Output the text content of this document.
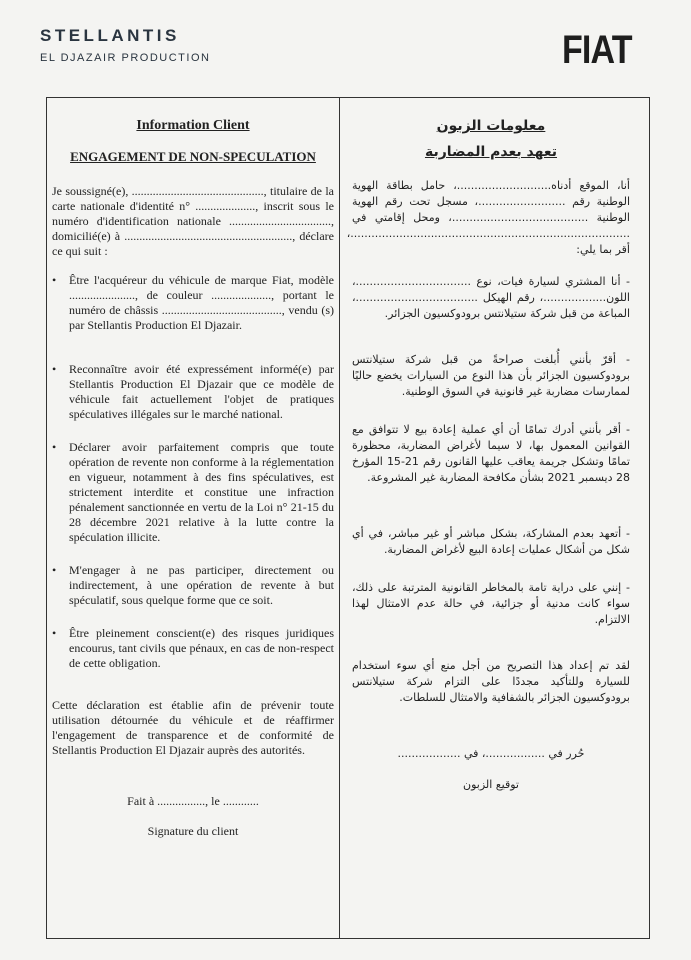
STELLANTIS
EL DJAZAIR PRODUCTION	FIAT
Information Client
ENGAGEMENT DE NON-SPECULATION

Je soussigné(e), ............................................, titulaire de la carte nationale d'identité n° ...................., inscrit sous le numéro d'identification nationale .................................., domicilié(e) à ........................................................, déclare ce qui suit :

• Être l'acquéreur du véhicule de marque Fiat, modèle ......................, de couleur ...................., portant le numéro de châssis ........................................, vendu (s) par Stellantis Production El Djazair.
• Reconnaître avoir été expressément informé(e) par Stellantis Production El Djazair que ce modèle de véhicule fait actuellement l'objet de pratiques spéculatives illégales sur le marché national.
• Déclarer avoir parfaitement compris que toute opération de revente non conforme à la réglementation en vigueur, notamment à des fins spéculatives, est strictement interdite et constitue une infraction pénalement sanctionnée en vertu de la Loi n° 21-15 du 28 décembre 2021 relative à la lutte contre la spéculation illicite.
• M'engager à ne pas participer, directement ou indirectement, à une opération de revente à but spéculatif, sous quelque forme que ce soit.
• Être pleinement conscient(e) des risques juridiques encourus, tant civils que pénaux, en cas de non-respect de cette obligation.

Cette déclaration est établie afin de prévenir toute utilisation détournée du véhicule et de réaffirmer l'engagement de transparence et de conformité de Stellantis Production El Djazair auprès des autorités.

Fait à ................, le ............

Signature du client

معلومات الزبون
تعهد بعدم المضاربة

أنا، الموقع أدناه...........................، حامل بطاقة الهوية الوطنية رقم .........................، مسجل تحت رقم الهوية الوطنية .......................................، ومحل إقامتي في ................................................................................، أقر بما يلي:

- أنا المشتري لسيارة فيات، نوع .................................، اللون..................، رقم الهيكل ...................................، المباعة من قبل شركة ستيلانتس برودوكسيون الجزائر.
- أقرّ بأنني أُبلغت صراحةً من قبل شركة ستيلانتس برودوكسيون الجزائر بأن هذا النوع من السيارات يخضع حاليًا لممارسات مضاربة غير قانونية في السوق الوطنية.
- أقر بأنني أدرك تمامًا أن أي عملية إعادة بيع لا تتوافق مع القوانين المعمول بها، لا سيما لأغراض المضاربة، محظورة تمامًا وتشكل جريمة يعاقب عليها القانون رقم 21-15 المؤرخ 28 ديسمبر 2021 بشأن مكافحة المضاربة غير المشروعة.
- أتعهد بعدم المشاركة، بشكل مباشر أو غير مباشر، في أي شكل من أشكال عمليات إعادة البيع لأغراض المضاربة.
- إنني على دراية تامة بالمخاطر القانونية المترتبة على ذلك، سواء كانت مدنية أو جزائية، في حالة عدم الامتثال لهذا الالتزام.

لقد تم إعداد هذا التصريح من أجل منع أي سوء استخدام للسيارة وللتأكيد مجددًا على التزام شركة ستيلانتس برودوكسيون الجزائر بالشفافية والامتثال للسلطات.

حُرر في .................، في ..................

توقيع الزبون
